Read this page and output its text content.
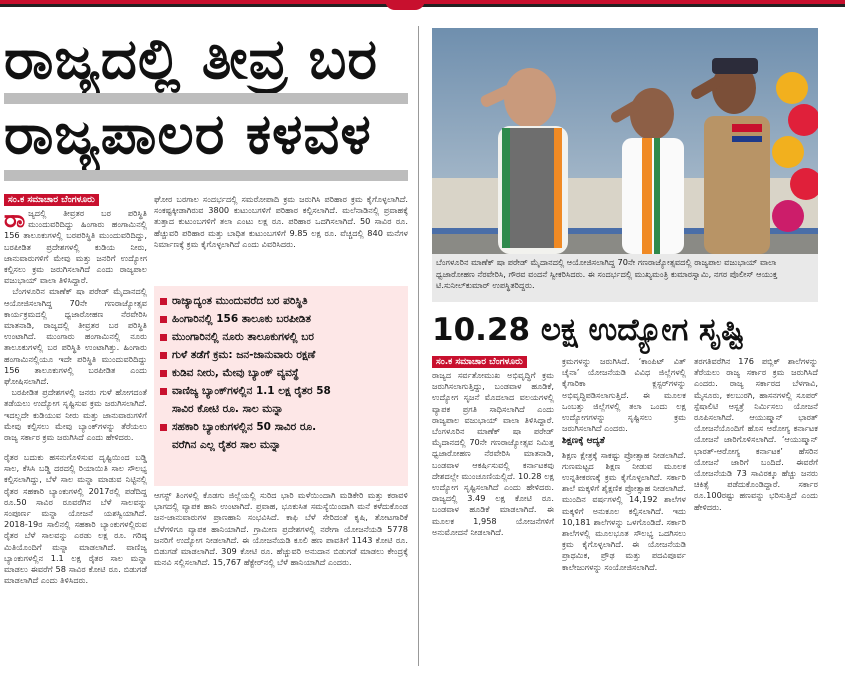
ರಾಜ್ಯದಲ್ಲಿ ತೀವ್ರ ಬರ
ರಾಜ್ಯಪಾಲರ ಕಳವಳ
ಸಂ.ಕ ಸಮಾಚಾರ ಬೆಂಗಳೂರು
ರಾ ಜ್ಯದಲ್ಲಿ ತೀವ್ರತರ ಬರ ಪರಿಸ್ಥಿತಿ ಮುಂದುವರಿದಿದ್ದು ಹಿಂಗಾರು ಹಂಗಾಮಿನಲ್ಲಿ 156 ತಾಲೂಕುಗಳಲ್ಲಿ ಬರಪರಿಸ್ಥಿತಿ ಮುಂದುವರಿದಿದ್ದು, ಬರಪೀಡಿತ ಪ್ರದೇಶಗಳಲ್ಲಿ ಕುಡಿಯ ನೀರು, ಜಾನುವಾರುಗಳಿಗೆ ಮೇವು ಮತ್ತು ಜನರಿಗೆ ಉದ್ಯೋಗ ಕಲ್ಪಿಸಲು ಕ್ರಮ ಜರುಗಿಸಲಾಗಿದೆ ಎಂದು ರಾಜ್ಯಪಾಲ ವಜುಭಾಯ್ ವಾಲಾ ತಿಳಿಸಿದ್ದಾರೆ.
ಬೆಂಗಳೂರಿನ ಮಾಣೆಕ್ ಷಾ ಪರೇಡ್ ಮೈದಾನದಲ್ಲಿ ಆಯೋಜಿಸಲಾಗಿದ್ದ 70ನೇ ಗಣರಾಜ್ಯೋತ್ಸವ ಕಾರ್ಯಕ್ರಮದಲ್ಲಿ ಧ್ವಜಾರೋಹಣ ನೆರವೇರಿಸಿ ಮಾತನಾಡಿ, ರಾಜ್ಯದಲ್ಲಿ ತೀವ್ರತರ ಬರ ಪರಿಸ್ಥಿತಿ ಉಂಟಾಗಿದೆ. ಮುಂಗಾರು ಹಂಗಾಮಿನಲ್ಲಿ ನೂರು ತಾಲೂಕುಗಳಲ್ಲಿ ಬರ ಪರಿಸ್ಥಿತಿ ಉಂಟಾಗಿತ್ತು. ಹಿಂಗಾರು ಹಂಗಾಮಿನಲ್ಲಿಯೂ ಇದೇ ಪರಿಸ್ಥಿತಿ ಮುಂದುವರಿದಿದ್ದು 156 ತಾಲೂಕುಗಳಲ್ಲಿ ಬರಪೀಡಿತ ಎಂದು ಘೋಷಿಸಲಾಗಿದೆ.
ಬರಪೀಡಿತ ಪ್ರದೇಶಗಳಲ್ಲಿ ಜನರು ಗುಳೆ ಹೋಗದಂತೆ ತಡೆಯಲು ಉದ್ಯೋಗ ಸೃಷ್ಟಿಸುವ ಕ್ರಮ ಜರುಗಿಸಲಾಗಿದೆ. ಇದಲ್ಲದೇ ಕುಡಿಯುವ ನೀರು ಮತ್ತು ಜಾನುವಾರುಗಳಿಗೆ ಮೇವು ಕಲ್ಪಿಸಲು ಮೇವು ಬ್ಯಾಂಕ್‌ಗಳನ್ನು ತೆರೆಯಲು ರಾಜ್ಯ ಸರ್ಕಾರ ಕ್ರಮ ಜರುಗಿಸಿದೆ ಎಂದು ಹೇಳಿದರು.
ಘೋರ ಬರಗಾಲ ಸಂದರ್ಭದಲ್ಲಿ ಸಮರೋಪಾದಿ ಕ್ರಮ ಜರುಗಿಸಿ ಪರಿಹಾರ ಕ್ರಮ ಕೈಗೊಳ್ಳಲಾಗಿದೆ. ಸಂಕಷ್ಟಕ್ಕೀಡಾಗಿರುವ 3800 ಕುಟುಂಬಗಳಿಗೆ ಪರಿಹಾರ ಕಲ್ಪಿಸಲಾಗಿದೆ. ಮಲೆನಾಡಿನಲ್ಲಿ ಪ್ರವಾಹಕ್ಕೆ ತುತ್ತಾದ ಕುಟುಂಬಗಳಿಗೆ ತಲಾ ಎಂಟು ಲಕ್ಷ ರೂ. ಪರಿಹಾರ ಒದಗಿಸಲಾಗಿದೆ. 50 ಸಾವಿರ ರೂ. ಹೆಚ್ಚುವರಿ ಪರಿಹಾರ ಮತ್ತು ಬಾಧಿತ ಕುಟುಂಬಗಳಿಗೆ 9.85 ಲಕ್ಷ ರೂ. ವೆಚ್ಚದಲ್ಲಿ 840 ಮನೆಗಳ ನಿರ್ಮಾಣಕ್ಕೆ ಕ್ರಮ ಕೈಗೊಳ್ಳಲಾಗಿದೆ ಎಂದು ವಿವರಿಸಿದರು.
ರಾಜ್ಯಾದ್ಯಂತ ಮುಂದುವರೆದ ಬರ ಪರಿಸ್ಥಿತಿ
ಹಿಂಗಾರಿನಲ್ಲಿ 156 ತಾಲೂಕು ಬರಪೀಡಿತ
ಮುಂಗಾರಿನಲ್ಲಿ ನೂರು ತಾಲೂಕುಗಳಲ್ಲಿ ಬರ
ಗುಳೆ ತಡೆಗೆ ಕ್ರಮ: ಜನ-ಜಾನುವಾರು ರಕ್ಷಣೆ
ಕುಡಿವ ನೀರು, ಮೇವು ಬ್ಯಾಂಕ್ ವ್ಯವಸ್ಥೆ
ವಾಣಿಜ್ಯ ಬ್ಯಾಂಕ್‌ಗಳಲ್ಲಿನ 1.1 ಲಕ್ಷ ರೈತರ 58
ಸಾವಿರ ಕೋಟಿ ರೂ. ಸಾಲ ಮನ್ನಾ
ಸಹಕಾರಿ ಬ್ಯಾಂಕುಗಳಲ್ಲಿನ 50 ಸಾವಿರ ರೂ.
ವರೆಗಿನ ಎಲ್ಲ ರೈತರ ಸಾಲ ಮನ್ನಾ
ರೈತರ ಬದುಕು ಹಸನುಗೊಳಿಸುವ ದೃಷ್ಟಿಯಿಂದ ಬಡ್ಡಿ ಸಾಲ, ಕೆಸಿಸಿ ಬಡ್ಡಿ ದರದಲ್ಲಿ ರಿಯಾಯಿತಿ ಸಾಲ ಸೌಲಭ್ಯ ಕಲ್ಪಿಸಲಾಗಿದ್ದು, ಬೆಳೆ ಸಾಲ ಮನ್ನಾ ಮಾಡುವ ನಿಟ್ಟಿನಲ್ಲಿ ರೈತರ ಸಹಕಾರಿ ಬ್ಯಾಂಕುಗಳಲ್ಲಿ 2017ರಲ್ಲಿ ಪಡೆದಿದ್ದ ರೂ.50 ಸಾವಿರ ರೂವರೆಗಿನ ಬೆಳೆ ಸಾಲವನ್ನು ಸಂಪೂರ್ಣ ಮನ್ನಾ ಯೋಜನೆ ಯಶಸ್ವಿಯಾಗಿದೆ. 2018-19ರ ಸಾಲಿನಲ್ಲಿ ಸಹಕಾರಿ ಬ್ಯಾಂಕುಗಳಲ್ಲಿರುವ ರೈತರ ಬೆಳೆ ಸಾಲವನ್ನು ಎರಡು ಲಕ್ಷ ರೂ. ಗರಿಷ್ಠ ಮಿತಿಯೊಂದಿಗೆ ಮನ್ನಾ ಮಾಡಲಾಗಿದೆ. ವಾಣಿಜ್ಯ ಬ್ಯಾಂಕುಗಳಲ್ಲಿನ 1.1 ಲಕ್ಷ ರೈತರ ಸಾಲ ಮನ್ನಾ ಮಾಡಲು ಈವರೆಗೆ 58 ಸಾವಿರ ಕೋಟಿ ರೂ. ಬಿಡುಗಡೆ ಮಾಡಲಾಗಿದೆ ಎಂದು ತಿಳಿಸಿದರು.
ಆಗಸ್ಟ್ ತಿಂಗಳಲ್ಲಿ ಕೊಡಗು ಜಿಲ್ಲೆಯಲ್ಲಿ ಸುರಿದ ಭಾರಿ ಮಳೆಯಿಂದಾಗಿ ಮಡಿಕೇರಿ ಮತ್ತು ಕರಾವಳಿ ಭಾಗದಲ್ಲಿ ವ್ಯಾಪಕ ಹಾನಿ ಉಂಟಾಗಿದೆ. ಪ್ರವಾಹ, ಭೂಕುಸಿತ ಸಮಸ್ಯೆಯಿಂದಾಗಿ ಮನೆ ಕಳೆದುಕೊಂಡ ಜನ-ಜಾನುವಾರುಗಳ ಪ್ರಾಣಹಾನಿ ಸಂಭವಿಸಿದೆ. ಕಾಫಿ ಬೆಳೆ ಸೇರಿದಂತೆ ಕೃಷಿ, ತೋಟಗಾರಿಕೆ ಬೆಳೆಗಳಿಗೂ ವ್ಯಾಪಕ ಹಾನಿಯಾಗಿದೆ. ಗ್ರಾಮೀಣ ಪ್ರದೇಶಗಳಲ್ಲಿ ನರೇಗಾ ಯೋಜನೆಯಡಿ 5778 ಜನರಿಗೆ ಉದ್ಯೋಗ ನೀಡಲಾಗಿದೆ. ಈ ಯೋಜನೆಯಡಿ ಕೂಲಿ ಹಣ ಪಾವತಿಗೆ 1143 ಕೋಟಿ ರೂ. ಬಿಡುಗಡೆ ಮಾಡಲಾಗಿದೆ. 309 ಕೋಟಿ ರೂ. ಹೆಚ್ಚುವರಿ ಅನುದಾನ ಬಿಡುಗಡೆ ಮಾಡಲು ಕೇಂದ್ರಕ್ಕೆ ಮನವಿ ಸಲ್ಲಿಸಲಾಗಿದೆ. 15,767 ಹೆಕ್ಟೇರ್‌ನಲ್ಲಿ ಬೆಳೆ ಹಾನಿಯಾಗಿದೆ ಎಂದರು.
ಬೆಂಗಳೂರಿನ ಮಾಣೆಕ್ ಷಾ ಪರೇಡ್ ಮೈದಾನದಲ್ಲಿ ಆಯೋಜಿಸಲಾಗಿದ್ದ 70ನೇ ಗಣರಾಜ್ಯೋತ್ಸವದಲ್ಲಿ ರಾಜ್ಯಪಾಲ ವಜುಭಾಯ್ ವಾಲಾ ಧ್ವಜಾರೋಹಣ ನೆರವೇರಿಸಿ, ಗೌರವ ವಂದನೆ ಸ್ವೀಕರಿಸಿದರು. ಈ ಸಂದರ್ಭದಲ್ಲಿ ಮುಖ್ಯಮಂತ್ರಿ ಕುಮಾರಸ್ವಾಮಿ, ನಗರ ಪೊಲೀಸ್ ಆಯುಕ್ತ ಟಿ.ಸುನೀಲ್‌ಕುಮಾರ್ ಉಪಸ್ಥಿತರಿದ್ದರು.
10.28 ಲಕ್ಷ ಉದ್ಯೋಗ ಸೃಷ್ಟಿ
ಸಂ.ಕ ಸಮಾಚಾರ ಬೆಂಗಳೂರು
ರಾಜ್ಯದ ಸರ್ವತೋಮುಖ ಅಭಿವೃದ್ಧಿಗೆ ಕ್ರಮ ಜರುಗಿಸಲಾಗುತ್ತಿದ್ದು, ಬಂಡವಾಳ ಹೂಡಿಕೆ, ಉದ್ಯೋಗ ಸೃಜನೆ ಮೊದಲಾದ ವಲಯಗಳಲ್ಲಿ ವ್ಯಾಪಕ ಪ್ರಗತಿ ಸಾಧಿಸಲಾಗಿದೆ ಎಂದು ರಾಜ್ಯಪಾಲ ವಜುಭಾಯ್ ವಾಲಾ ತಿಳಿಸಿದ್ದಾರೆ. ಬೆಂಗಳೂರಿನ ಮಾಣೆಕ್ ಷಾ ಪರೇಡ್ ಮೈದಾನದಲ್ಲಿ 70ನೇ ಗಣರಾಜ್ಯೋತ್ಸವ ನಿಮಿತ್ತ ಧ್ವಜಾರೋಹಣ ನೆರವೇರಿಸಿ ಮಾತನಾಡಿ, ಬಂಡವಾಳ ಆಕರ್ಷಿಸುವಲ್ಲಿ ಕರ್ನಾಟಕವು ದೇಶದಲ್ಲೇ ಮುಂಚೂಣಿಯಲ್ಲಿದೆ. 10.28 ಲಕ್ಷ ಉದ್ಯೋಗ ಸೃಷ್ಟಿಸಲಾಗಿದೆ ಎಂದು ಹೇಳಿದರು. ರಾಜ್ಯದಲ್ಲಿ 3.49 ಲಕ್ಷ ಕೋಟಿ ರೂ. ಬಂಡವಾಳ ಹೂಡಿಕೆ ಮಾಡಲಾಗಿದೆ. ಈ ಮೂಲಕ 1,958 ಯೋಜನೆಗಳಿಗೆ ಅನುಮೋದನೆ ನೀಡಲಾಗಿದೆ.
ಕ್ರಮಗಳನ್ನು ಜರುಗಿಸಿದೆ. ‘ಕಾಂಪಿಟ್ ವಿತ್ ಚೈನಾ’ ಯೋಜನೆಯಡಿ ವಿವಿಧ ಜಿಲ್ಲೆಗಳಲ್ಲಿ ಕೈಗಾರಿಕಾ ಕ್ಲಸ್ಟರ್‌ಗಳನ್ನು ಅಭಿವೃದ್ಧಿಪಡಿಸಲಾಗುತ್ತಿದೆ. ಈ ಮೂಲಕ ಒಂಬತ್ತು ಜಿಲ್ಲೆಗಳಲ್ಲಿ ತಲಾ ಒಂದು ಲಕ್ಷ ಉದ್ಯೋಗಗಳನ್ನು ಸೃಷ್ಟಿಸಲು ಕ್ರಮ ಜರುಗಿಸಲಾಗಿದೆ ಎಂದರು.

ಶಿಕ್ಷಣಕ್ಕೆ ಆದ್ಯತೆ
ಶಿಕ್ಷಣ ಕ್ಷೇತ್ರಕ್ಕೆ ಸಾಕಷ್ಟು ಪ್ರೋತ್ಸಾಹ ನೀಡಲಾಗಿದೆ. ಗುಣಮಟ್ಟದ ಶಿಕ್ಷಣ ನೀಡುವ ಮೂಲಕ ಉನ್ನತೀಕರಣಕ್ಕೆ ಕ್ರಮ ಕೈಗೊಳ್ಳಲಾಗಿದೆ. ಸರ್ಕಾರಿ ಶಾಲೆ ಮಕ್ಕಳಿಗೆ ಶೈಕ್ಷಣಿಕ ಪ್ರೋತ್ಸಾಹ ನೀಡಲಾಗಿದೆ. ಮುಂದಿನ ವರ್ಷಗಳಲ್ಲಿ 14,192 ಶಾಲೆಗಳ ಮಕ್ಕಳಿಗೆ ಅನುಕೂಲ ಕಲ್ಪಿಸಲಾಗಿದೆ. ಇದು 10,181 ಶಾಲೆಗಳನ್ನು ಒಳಗೊಂಡಿದೆ. ಸರ್ಕಾರಿ ಶಾಲೆಗಳಲ್ಲಿ ಮೂಲಭೂತ ಸೌಲಭ್ಯ ಒದಗಿಸಲು ಕ್ರಮ ಕೈಗೊಳ್ಳಲಾಗಿದೆ. ಈ ಯೋಜನೆಯಡಿ ಪ್ರಾಥಮಿಕ, ಪ್ರೌಢ ಮತ್ತು ಪದವಿಪೂರ್ವ ಕಾಲೇಜುಗಳನ್ನು ಸಂಯೋಜಿಸಲಾಗಿದೆ.
ತರಗತಿವರೆಗಿನ 176 ಪಬ್ಲಿಕ್ ಶಾಲೆಗಳನ್ನು ತೆರೆಯಲು ರಾಜ್ಯ ಸರ್ಕಾರ ಕ್ರಮ ಜರುಗಿಸಿದೆ ಎಂದರು. ರಾಜ್ಯ ಸರ್ಕಾರದ ಬೆಳಗಾವಿ, ಮೈಸೂರು, ಕಲಬುರಗಿ, ಹಾಸನಗಳಲ್ಲಿ ಸೂಪರ್ ಸ್ಪೆಷಾಲಿಟಿ ಆಸ್ಪತ್ರೆ ನಿರ್ಮಿಸಲು ಯೋಜನೆ ರೂಪಿಸಲಾಗಿದೆ. ಆಯುಷ್ಮಾನ್ ಭಾರತ್ ಯೋಜನೆಯೊಂದಿಗೆ ಹೊಸ ಆರೋಗ್ಯ ಕರ್ನಾಟಕ ಯೋಜನೆ ಜಾರಿಗೊಳಿಸಲಾಗಿದೆ. ‘ಆಯುಷ್ಮಾನ್ ಭಾರತ್-ಆರೋಗ್ಯ ಕರ್ನಾಟಕ’ ಹೆಸರಿನ ಯೋಜನೆ ಜಾರಿಗೆ ಬಂದಿದೆ. ಈವರೆಗೆ ಯೋಜನೆಯಡಿ 73 ಸಾವಿರಕ್ಕೂ ಹೆಚ್ಚು ಜನರು ಚಿಕಿತ್ಸೆ ಪಡೆದುಕೊಂಡಿದ್ದಾರೆ. ಸರ್ಕಾರ ರೂ.100ರಷ್ಟು ಹಣವನ್ನು ಭರಿಸುತ್ತಿದೆ ಎಂದು ಹೇಳಿದರು.
